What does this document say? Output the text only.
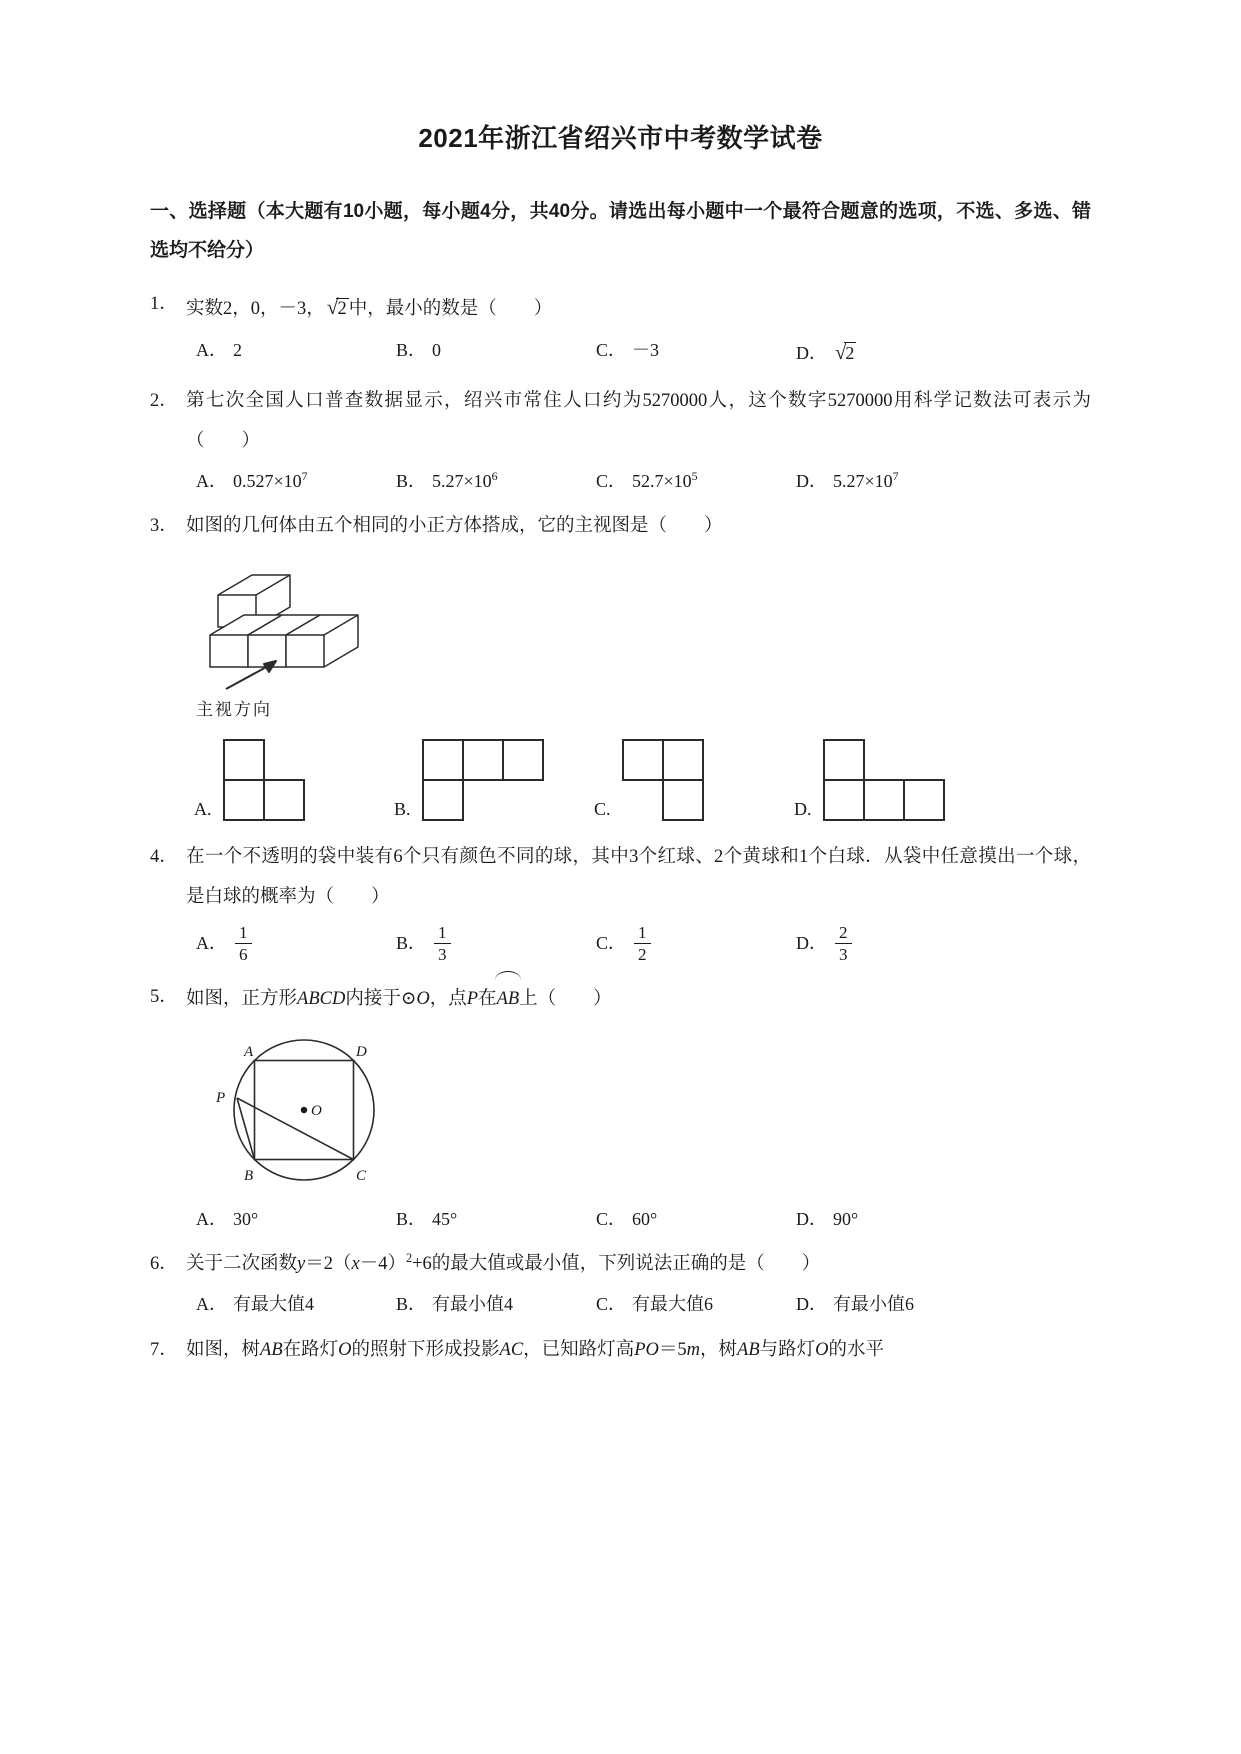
2021年浙江省绍兴市中考数学试卷
一、选择题（本大题有10小题，每小题4分，共40分。请选出每小题中一个最符合题意的选项，不选、多选、错选均不给分）
1． 实数2，0，－3，√2 中，最小的数是（　　）
A． 2	B． 0	C． －3	D． √2
2． 第七次全国人口普查数据显示，绍兴市常住人口约为5270000人，这个数字5270000用科学记数法可表示为（　　）
A． $0.527\times 10^7$	B． $5.27\times 10^6$	C． $52.7\times 10^5$	D． $5.27\times 10^7$
3． 如图的几何体由五个相同的小正方体搭成，它的主视图是（　　）
主视方向
A.	B.	C.	D.
4． 在一个不透明的袋中装有6个只有颜色不同的球，其中3个红球、2个黄球和1个白球．从袋中任意摸出一个球，是白球的概率为（　　）
A． $\frac{1}{6}$	B． $\frac{1}{3}$	C． $\frac{1}{2}$	D． $\frac{2}{3}$
5． 如图，正方形ABCD内接于⊙O，点P在
AB上（　　）
A	D
P
O
B	C
A． 30°	B． 45°	C． 60°	D． 90°
6． 关于二次函数$y=2(x-4)^2+6$的最大值或最小值，下列说法正确的是（　　）
A． 有最大值4	B． 有最小值4	C． 有最大值6	D． 有最小值6
7． 如图，树AB在路灯O的照射下形成投影AC，已知路灯高PO＝5m，树AB与路灯O的水平
